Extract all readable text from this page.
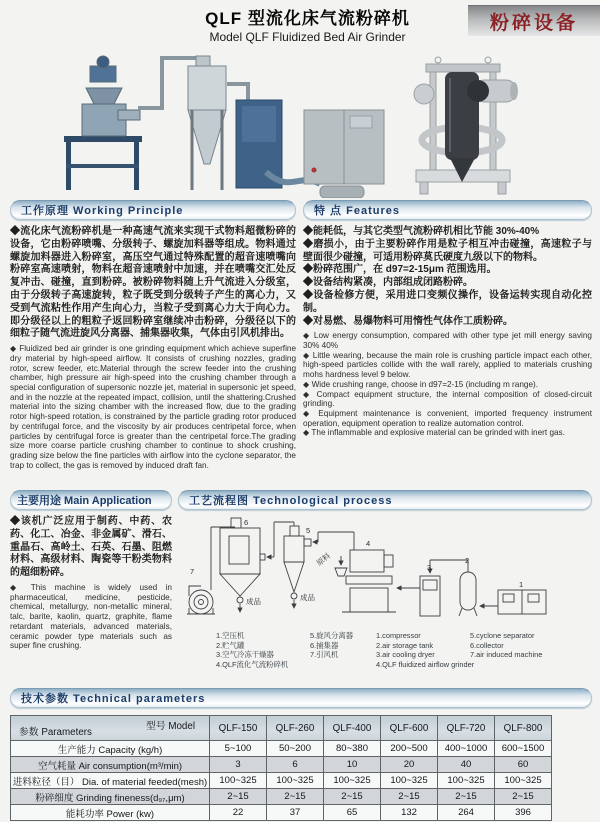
QLF 型流化床气流粉碎机
Model QLF Fluidized Bed Air Grinder
粉碎设备
工作原理 Working Principle
◆流化床气流粉碎机是一种高速气流来实现干式物料超微粉碎的设备，它由粉碎喷嘴、分级转子、螺旋加料器等组成。物料通过螺旋加料器进入粉碎室，高压空气通过特殊配置的超音速喷嘴向粉碎室高速喷射，物料在超音速喷射中加速，并在喷嘴交汇处反复冲击、碰撞，直到粉碎。被粉碎物料随上升气流进入分级室，由于分级转子高速旋转，粒子既受到分级转子产生的离心力，又受到气流粘性作用产生向心力，当粒子受到离心力大于向心力。即分级径以上的粗粒子返回粉碎室继续冲击粉碎，分级径以下的细粒子随气流进旋风分离器、捕集器收集，气体由引风机排出。
◆ Fluidized bed air grinder is one grinding equipment which achieve superfine dry material by high-speed airflow. It consists of crushing nozzles, grading rotor, screw feeder, etc.Material through the screw feeder into the crushing chamber, high pressure air high-speed into the crushing chamber through a special configuration of supersonic nozzle jet, material in supersonic jet speed, and in the nozzle at the repeated impact, collision, until the shattering.Crushed material into the sizing chamber with the increased flow, due to the grading rotor high-speed rotation, is constrained by the particle grading rotor produced by centrifugal force, and the viscosity by air produces centripetal force, when particles by centrifugal force is greater than the centripetal force.The grading size more coarse particle crushing chamber to continue to shock crushing, grading size below the fine particles with airflow into the cyclone separator, the trap to collect, the gas is removed by induced draft fan.
特 点 Features
◆能耗低，与其它类型气流粉碎机相比节能 30%-40%
◆磨损小，由于主要粉碎作用是粒子相互冲击碰撞，高速粒子与壁面很少碰撞，可适用粉碎莫氏硬度九级以下的物料。
◆粉碎范围广，在 d97=2-15μm 范围选用。
◆设备结构紧凑，内部组成闭路粉碎。
◆设备检修方便，采用进口变频仪操作，设备运转实现自动化控制。
◆对易燃、易爆物料可用惰性气体作工质粉碎。
◆ Low energy consumption, compared with other type jet mill energy saving 30% 40%
◆ Little wearing, because the main role is crushing particle impact each other, high-speed particles collide with the wall rarely, applied to materials crushing mohs hardness level 9 below.
◆ Wide crushing range, choose in d97=2-15 (including m range).
◆ Compact equipment structure, the internal composition of closed-circuit grinding.
◆ Equipment maintenance is convenient, imported frequency instrument operation, equipment operation to realize automation control.
◆ The inflammable and explosive material can be grinded with inert gas.
主要用途 Main Application
◆该机广泛应用于制药、中药、农药、化工、冶金、非金属矿、滑石、重晶石、高岭土、石英、石墨、阻燃材料、高级材料、陶瓷等干粉类物料的超细粉碎。
◆ This machine is widely used in pharmaceutical, medicine, pesticide, chemical, metallurgy, non-metallic mineral, talc, barite, kaolin, quartz, graphite, flame retardant materials, advanced materials, ceramic powder type materials such as super fine crushing.
工艺流程图 Technological process
7
6
5
4
3
2
1
成品	成品
原料
1.空压机
2.贮气罐
3.空气冷冻干燥器
4.QLF流化气流粉碎机
5.旋风分离器
6.捕集器
7.引风机
1.compressor
2.air storage tank
3.air cooling dryer
4.QLF fluidized airflow grinder
5.cyclone separator
6.collector
7.air induced machine
技术参数 Technical parameters
型号 Model
参数 Parameters	QLF-150	QLF-260	QLF-400	QLF-600	QLF-720	QLF-800
生产能力 Capacity (kg/h)	5~100	50~200	80~380	200~500	400~1000	600~1500
空气耗量 Air consumption(m³/min)	3	6	10	20	40	60
进料粒径（目） Dia. of material feeded(mesh)	100~325	100~325	100~325	100~325	100~325	100~325
粉碎细度 Grinding fineness(d₉₇,μm)	2~15	2~15	2~15	2~15	2~15	2~15
能耗功率 Power (kw)	22	37	65	132	264	396
